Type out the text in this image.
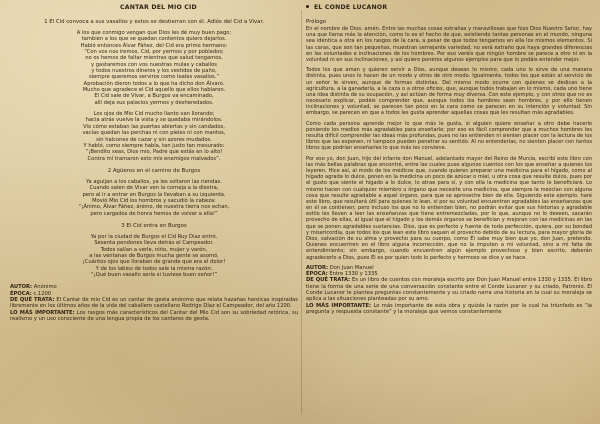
CANTAR DEL MIO CID
1 El Cid convoca a sus vasallos y estos se destierran con él. Adiós del Cid a Vivar.
A los que conmigo vengan que Dios les dé muy buen pago;
también a los que se quedan contentos quiero dejarlos.
Habló entonces Álvar Fáñez, del Cid era primo hermano:
“Con vos nos iremos, Cid, por yermos y por poblados;
no os hemos de faltar mientras que salud tengamos,
y gastaremos con vos nuestras mulas y caballos
y todos nuestros dineros y los vestidos de paño,
siempre queremos serviros como leales vasallos.”
Aprobación dieron todos a lo que ha dicho don Álvaro.
Mucho que agradece el Cid aquello que ellos hablaron.
El Cid sale de Vivar, a Burgos va encaminado,
allí deja sus palacios yermos y desheredados.
Los ojos de Mio Cid mucho llanto van llorando;
hacia atrás vuelve la vista y se quedaba mirándolos.
Vio cómo estaban las puertas abiertas y sin candados,
vacías quedan las perchas ni con pieles ni con mantos,
sin halcones de cazar y sin azores mudados.
Y habló, como siempre habla, tan justo tan mesurado:
“¡Bendito seas, Dios mío, Padre que estás en lo alto!
Contra mí tramaron esto mis enemigos malvados”.
2 Agüeros en el camino de Burgos
Ya aguijan a los caballos, ya les soltaron las riendas.
Cuando salen de Vivar ven la corneja a la diestra,
pero al ir a entrar en Burgos la llevaban a su izquierda.
Movió Mio Cid los hombros y sacudió la cabeza:
“¡Ánimo, Álvar Fáñez, ánimo, de nuestra tierra nos echan,
pero cargados de honra hemos de volver a ella!”
3 El Cid entra en Burgos
Ya por la ciudad de Burgos el Cid Ruy Díaz entró.
Sesenta pendones lleva detrás el Campeador.
Todos salían a verle, niño, mujer y varón,
a las ventanas de Burgos mucha gente se asomó.
¡Cuántos ojos que lloraban de grande que era el dolor!
Y de los labios de todos sale la misma razón:
“¡Qué buen vasallo sería si tuviese buen señor!”

AUTOR: Anónimo

ÉPOCA: c.1200

DE QUÉ TRATA: El Cantar de mio Cid es un cantar de gesta anónimo que relata hazañas heroicas inspiradas libremente en los últimos años de la vida del caballero castellano Rodrigo Díaz el Campeador, del año 1200.

LO MÁS IMPORTANTE: Los rasgos más característicos del Cantar del Mio Cid son su sobriedad retórica, su realismo y un uso consciente de una lengua propia de los cantares de gesta.

EL CONDE LUCANOR
Prólogo

En el nombre de Dios: amén. Entre las muchas cosas extrañas y maravillosas que hizo Dios Nuestro Señor, hay una que llama más la atención, como lo es el hecho de que, existiendo tantas personas en el mundo, ninguna sea idéntica a otra en los rasgos de la cara, a pesar de que todos tengamos en ella los mismos elementos. Si las caras, que son tan pequeñas, muestran semejante variedad, no será extraño que haya grandes diferencias en las voluntades e inclinaciones de los hombres. Por eso veréis que ningún hombre se parece a otro ni en la voluntad ni en sus inclinaciones, y así quiero poneros algunos ejemplos para que lo podáis entender mejor.

Todos los que aman y quieren servir a Dios, aunque desean lo mismo, cada uno lo sirve de una manera distinta, pues unos lo hacen de un modo y otros de otro modo. Igualmente, todos los que están al servicio de un señor le sirven, aunque de formas distintas. Del mismo modo ocurre con quienes se dedican a la agricultura, a la ganadería, a la caza o a otros oficios, que, aunque todos trabajan en lo mismo, cada uno tiene una idea distinta de su ocupación, y así actúan de forma muy diversa. Con este ejemplo, y con otros que no es necesario explicar, podéis comprender que, aunque todos los hombres sean hombres, y por ello tienen inclinaciones y voluntad, se parecen tan poco en la cara como se parecen en su intención y voluntad. Sin embargo, se parecen en que a todos les gusta aprender aquellas cosas que les resultan más agradables.

Como cada persona aprende mejor lo que más le gusta, si alguien quiere enseñar a otro debe hacerlo poniendo los medios más agradables para enseñarle; por eso es fácil comprender que a muchos hombres les resulta difícil comprender las ideas más profundas, pues no las entienden ni sienten placer con la lectura de los libros que las exponen, ni tampoco pueden penetrar su sentido. Al no entenderlas, no sienten placer con tantos libros que podrían enseñarles lo que más les conviene.

Por eso yo, don Juan, hijo del infante don Manuel, adelantado mayor del Reino de Murcia, escribí este libro con las más bellas palabras que encontré, entre las cuales puse algunos cuentos con los que enseñar a quienes los leyeren. Hice así, al modo de los médicos que, cuando quieren preparar una medicina para el hígado, como al hígado agrada lo dulce, ponen en la medicina un poco de azúcar o miel, u otra cosa que resulte dulce, pues por el gusto que siente el hígado a lo dulce, lo atrae para sí, y con ella la medicina que tanto le beneficiará. Lo mismo hacen con cualquier miembro u órgano que necesite una medicina, que siempre la mezclan con alguna cosa que resulte agradable a aquel órgano, para que se aproveche bien de ella. Siguiendo este ejemplo, haré este libro, que resultará útil para quienes lo lean, si por su voluntad encuentran agradables las enseñanzas que en él se contienen; pero incluso los que no lo entiendan bien, no podrán evitar que sus historias y agradable estilo les lleven a leer las enseñanzas que tiene entremezcladas, por lo que, aunque no lo deseen, sacarán provecho de ellas, al igual que el hígado y los demás órganos se benefician y mejoran con las medicinas en las que se ponen agradables sustancias. Dios, que es perfecto y fuente de toda perfección, quiera, por su bondad y misericordia, que todos los que lean este libro saquen el provecho debido de su lectura, para mayor gloria de Dios, salvación de su alma y provecho para su cuerpo, como Él sabe muy bien que yo, don Juan, pretendo. Quienes encuentren en el libro alguna incorrección, que no la imputen a mi voluntad, sino a mi falta de entendimiento; sin embargo, cuando encuentren algún ejemplo provechoso y bien escrito, deberán agradecerlo a Dios, pues Él es por quien todo lo perfecto y hermoso se dice y se hace.

AUTOR: Don Juan Manuel

ÉPOCA: Entre 1330 y 1335

DE QUÉ TRATA: Es un libro de cuentos con moraleja escrito por Don Juan Manuel entre 1330 y 1335. El libro tiene la forma de una serie de una conversación constante entre el Conde Lucanor y su criado, Patronio. El Conde Lucanor le plantea preguntas constantemente y su criado narra una historia en la cual su moraleja se aplica a las situaciones planteadas por su amo.

LO MÁS IMPORTANTE: Lo más importante de esta obra y quizás la razón por la cual ha triunfado es “la pregunta y respuesta constante” y la moraleja que vemos constantemente
